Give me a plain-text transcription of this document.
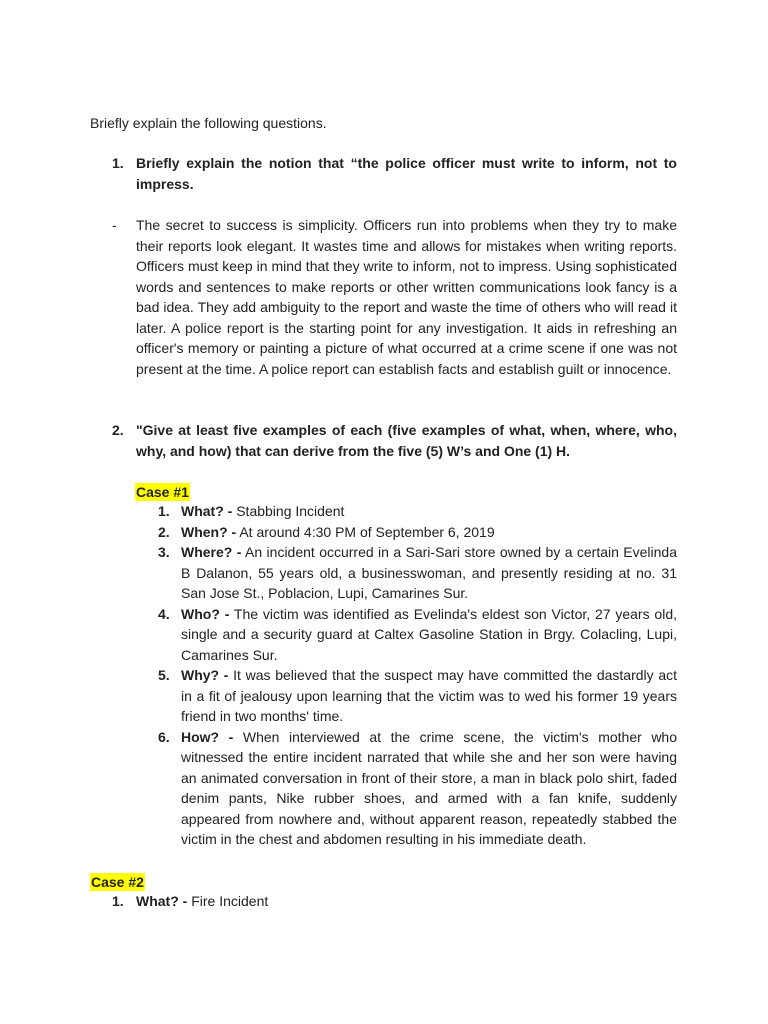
Briefly explain the following questions.
1. Briefly explain the notion that “the police officer must write to inform, not to impress.
- The secret to success is simplicity. Officers run into problems when they try to make their reports look elegant. It wastes time and allows for mistakes when writing reports. Officers must keep in mind that they write to inform, not to impress. Using sophisticated words and sentences to make reports or other written communications look fancy is a bad idea. They add ambiguity to the report and waste the time of others who will read it later. A police report is the starting point for any investigation. It aids in refreshing an officer's memory or painting a picture of what occurred at a crime scene if one was not present at the time. A police report can establish facts and establish guilt or innocence.
2. "Give at least five examples of each (five examples of what, when, where, who, why, and how) that can derive from the five (5) W’s and One (1) H.
Case #1
1. What? - Stabbing Incident
2. When? - At around 4:30 PM of September 6, 2019
3. Where? - An incident occurred in a Sari-Sari store owned by a certain Evelinda B Dalanon, 55 years old, a businesswoman, and presently residing at no. 31 San Jose St., Poblacion, Lupi, Camarines Sur.
4. Who? - The victim was identified as Evelinda's eldest son Victor, 27 years old, single and a security guard at Caltex Gasoline Station in Brgy. Colacling, Lupi, Camarines Sur.
5. Why? - It was believed that the suspect may have committed the dastardly act in a fit of jealousy upon learning that the victim was to wed his former 19 years friend in two months' time.
6. How? - When interviewed at the crime scene, the victim's mother who witnessed the entire incident narrated that while she and her son were having an animated conversation in front of their store, a man in black polo shirt, faded denim pants, Nike rubber shoes, and armed with a fan knife, suddenly appeared from nowhere and, without apparent reason, repeatedly stabbed the victim in the chest and abdomen resulting in his immediate death.
Case #2
1. What? - Fire Incident
